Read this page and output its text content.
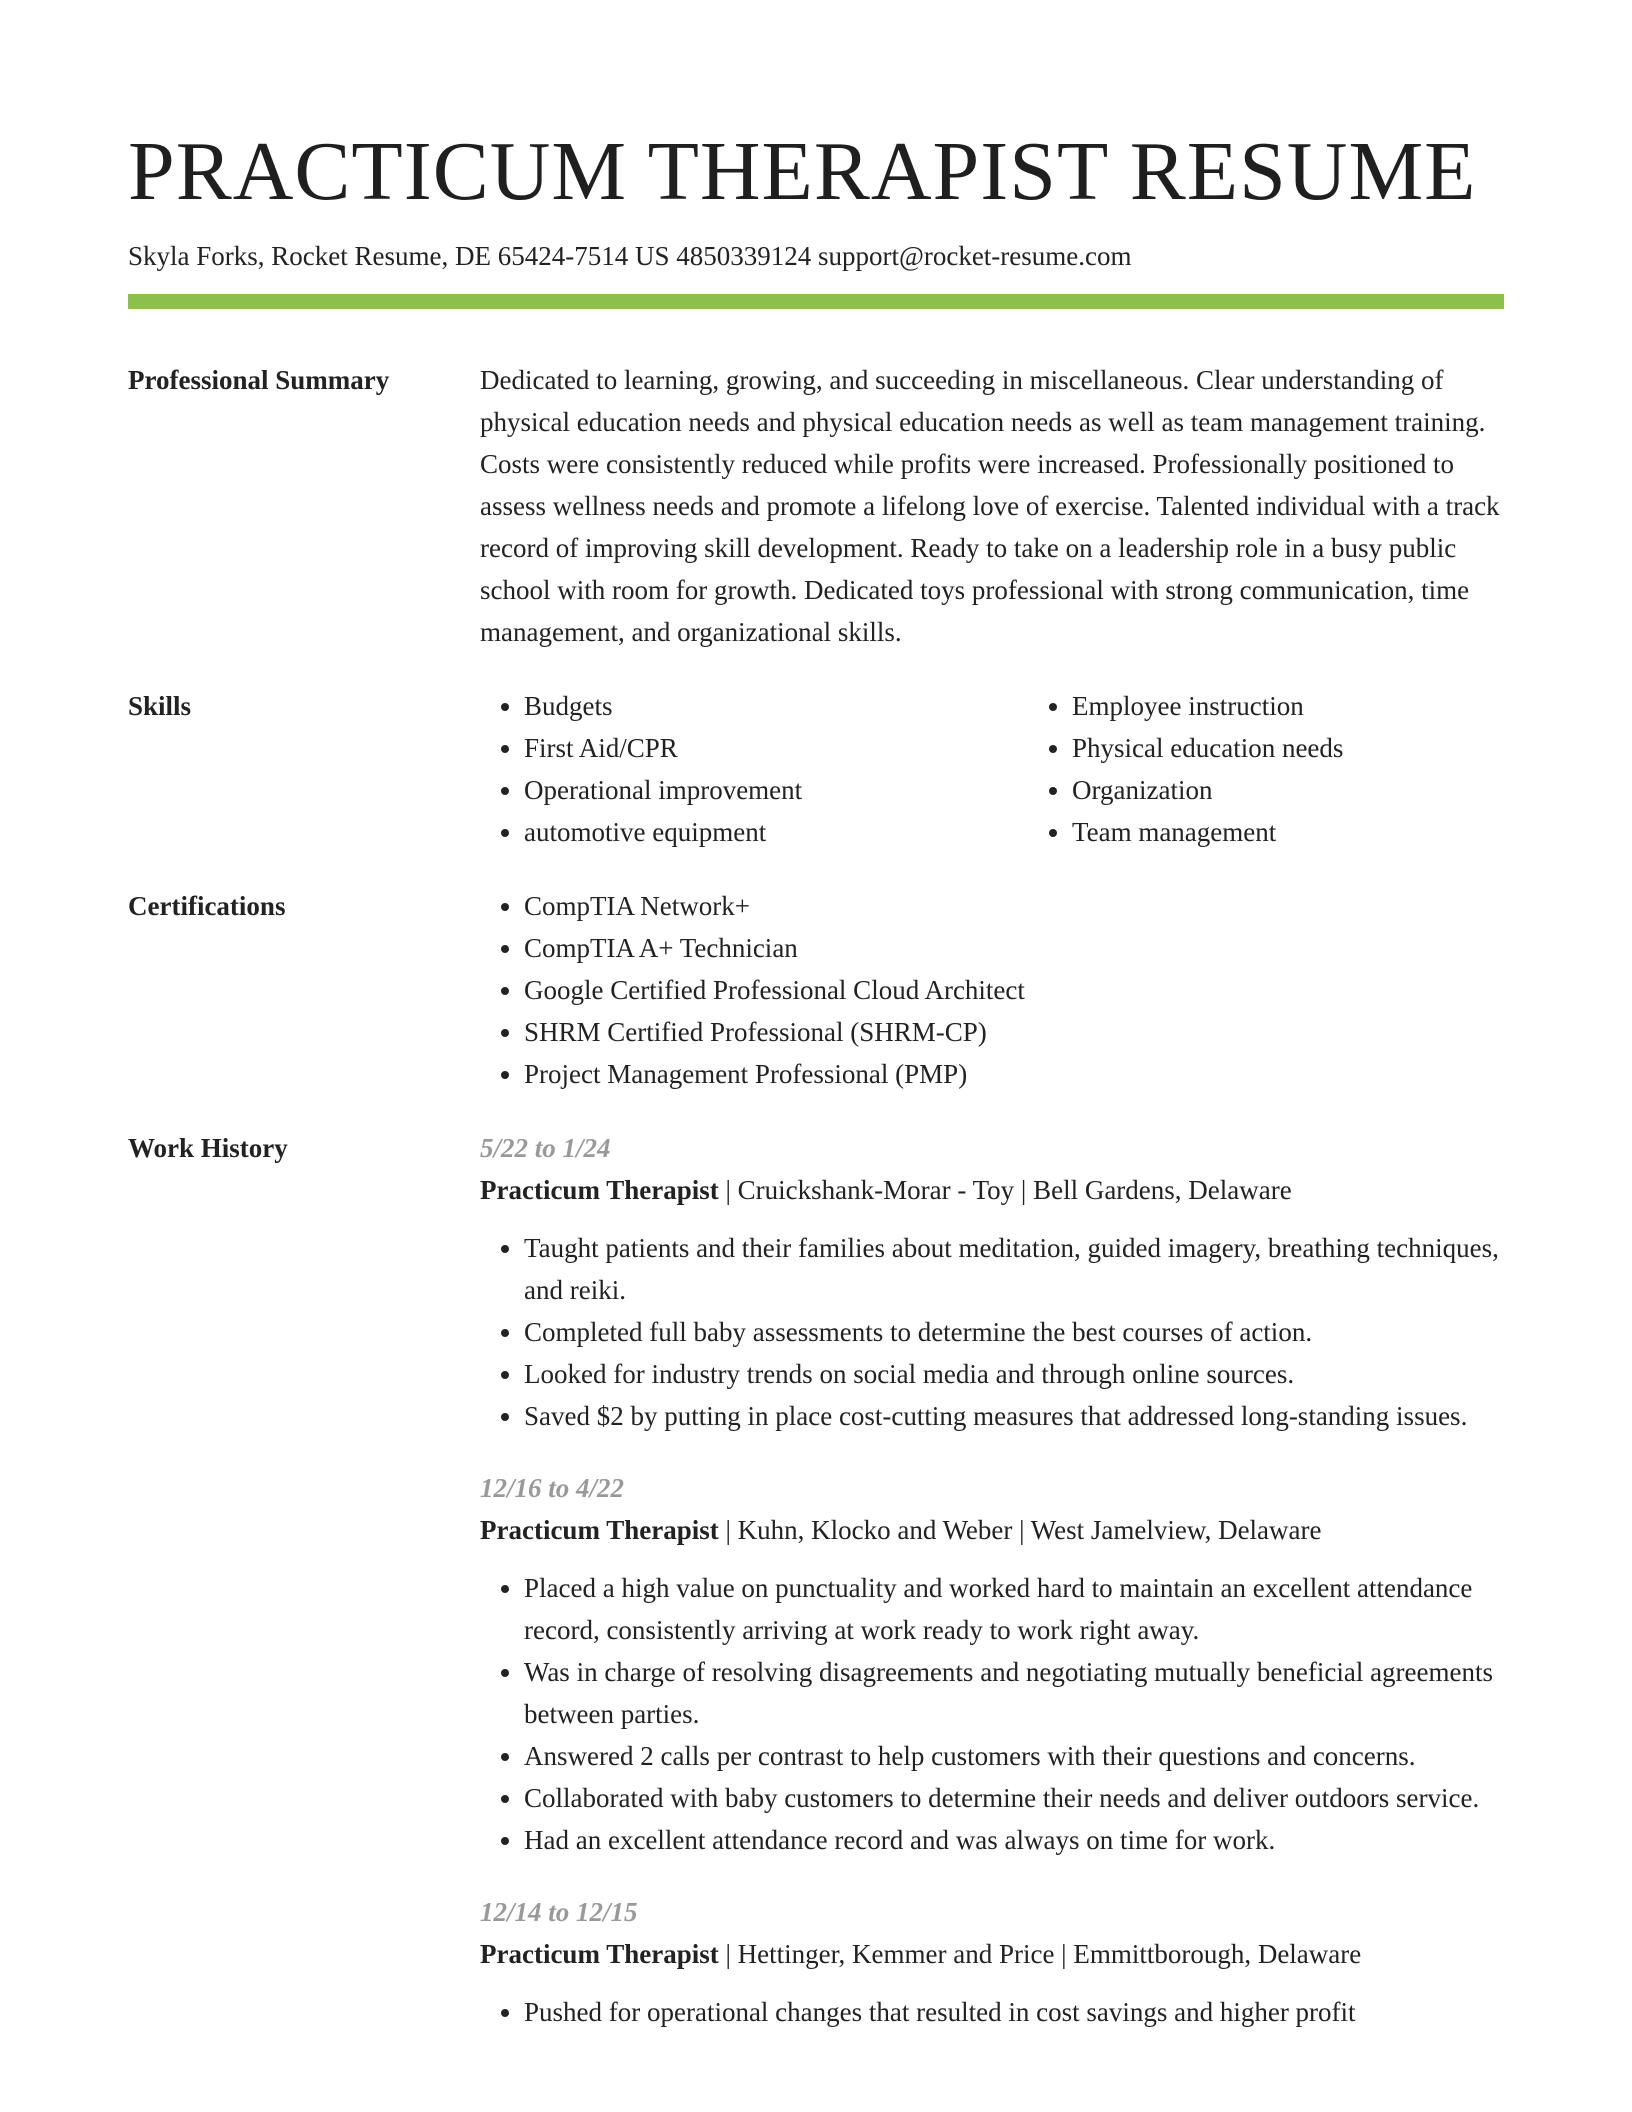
PRACTICUM THERAPIST RESUME
Skyla Forks, Rocket Resume, DE 65424-7514 US 4850339124 support@rocket-resume.com
Professional Summary	Dedicated to learning, growing, and succeeding in miscellaneous. Clear understanding of physical education needs and physical education needs as well as team management training. Costs were consistently reduced while profits were increased. Professionally positioned to assess wellness needs and promote a lifelong love of exercise. Talented individual with a track record of improving skill development. Ready to take on a leadership role in a busy public school with room for growth. Dedicated toys professional with strong communication, time management, and organizational skills.

Skills	• Budgets
• First Aid/CPR
• Operational improvement
• automotive equipment
• Employee instruction
• Physical education needs
• Organization
• Team management
Certifications	• CompTIA Network+
• CompTIA A+ Technician
• Google Certified Professional Cloud Architect
• SHRM Certified Professional (SHRM-CP)
• Project Management Professional (PMP)
Work History	5/22 to 1/24
Practicum Therapist | Cruickshank-Morar - Toy | Bell Gardens, Delaware
• Taught patients and their families about meditation, guided imagery, breathing techniques, and reiki.
• Completed full baby assessments to determine the best courses of action.
• Looked for industry trends on social media and through online sources.
• Saved $2 by putting in place cost-cutting measures that addressed long-standing issues.
12/16 to 4/22
Practicum Therapist | Kuhn, Klocko and Weber | West Jamelview, Delaware
• Placed a high value on punctuality and worked hard to maintain an excellent attendance record, consistently arriving at work ready to work right away.
• Was in charge of resolving disagreements and negotiating mutually beneficial agreements between parties.
• Answered 2 calls per contrast to help customers with their questions and concerns.
• Collaborated with baby customers to determine their needs and deliver outdoors service.
• Had an excellent attendance record and was always on time for work.
12/14 to 12/15
Practicum Therapist | Hettinger, Kemmer and Price | Emmittborough, Delaware
• Pushed for operational changes that resulted in cost savings and higher profit
